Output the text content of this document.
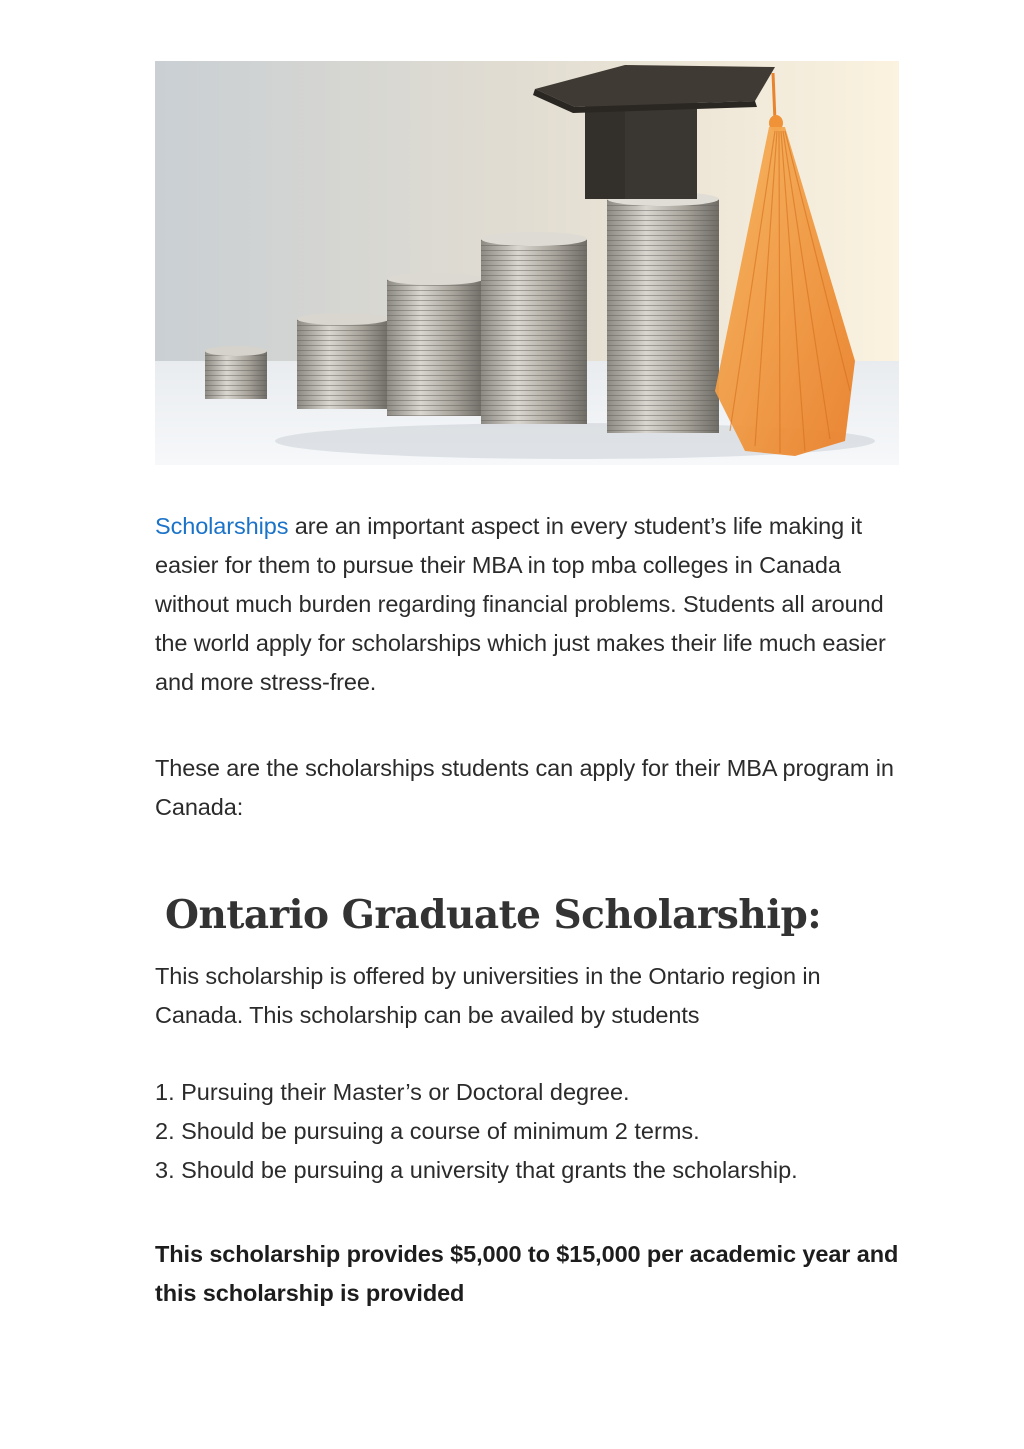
Scholarships are an important aspect in every student’s life making it easier for them to pursue their MBA in top mba colleges in Canada without much burden regarding financial problems. Students all around the world apply for scholarships which just makes their life much easier and more stress-free.

These are the scholarships students can apply for their MBA program in Canada:

Ontario Graduate Scholarship:

This scholarship is offered by universities in the Ontario region in Canada. This scholarship can be availed by students

1. Pursuing their Master’s or Doctoral degree.
2. Should be pursuing a course of minimum 2 terms.
3. Should be pursuing a university that grants the scholarship.

This scholarship provides $5,000 to $15,000 per academic year and this scholarship is provided
